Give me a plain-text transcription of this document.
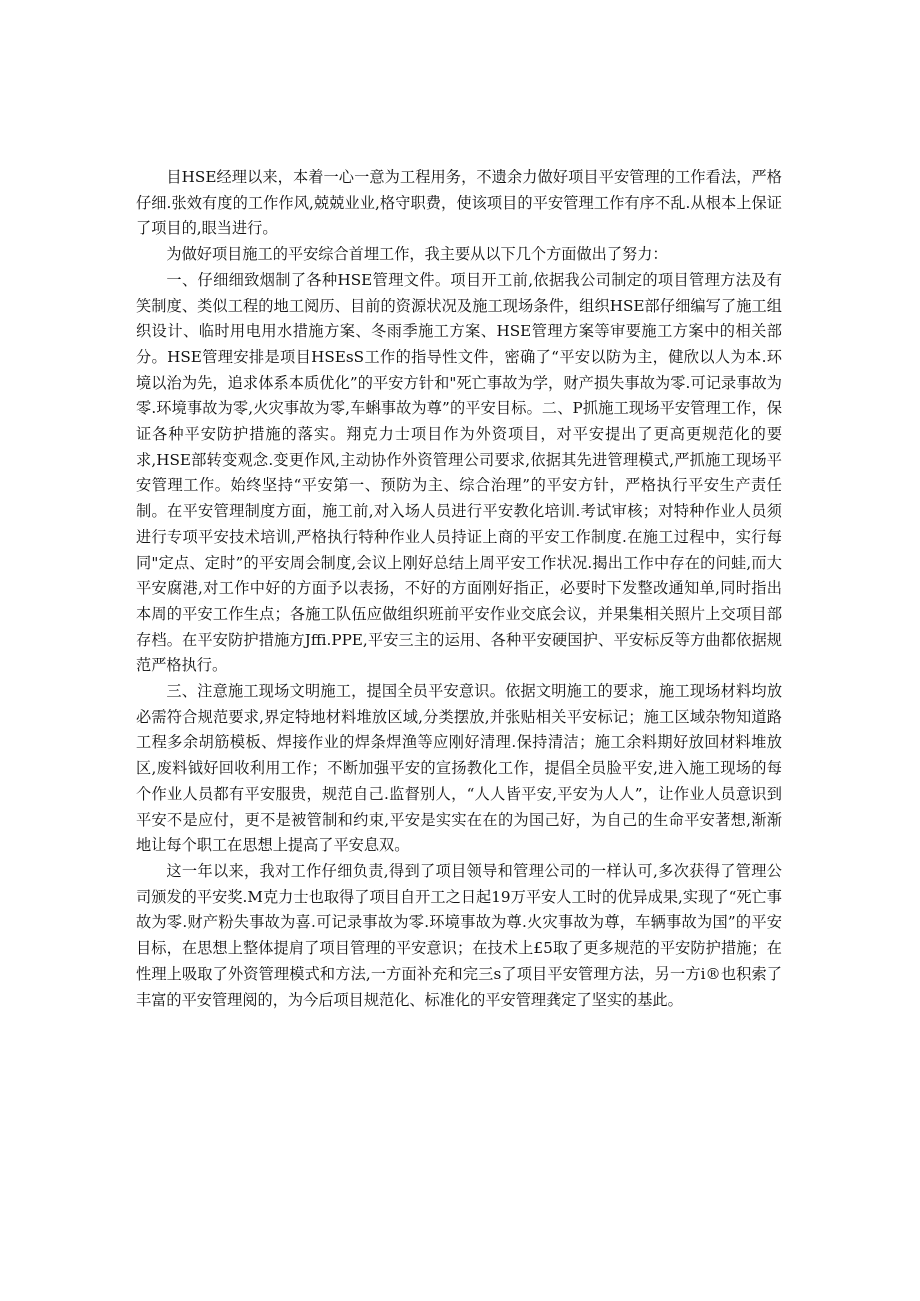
目HSE经理以来，本着一心一意为工程用务，不遗余力做好项目平安管理的工作看法，严格仔细.张效有度的工作作风,兢兢业业,格守职费，使该项目的平安管理工作有序不乱.从根本上保证了项目的,眼当进行。

为做好项目施工的平安综合首埋工作，我主要从以下几个方面做出了努力：

一、仔细细致烟制了各种HSE管理文件。项目开工前,依据我公司制定的项目管理方法及有笑制度、类似工程的地工阅历、目前的资源状况及施工现场条件，组织HSE部仔细编写了施工组织设计、临时用电用水措施方案、冬雨季施工方案、HSE管理方案等审要施工方案中的相关部分。HSE管理安排是项目HSEsS工作的指导性文件，密确了“平安以防为主，健欣以人为本.环境以治为先，追求体系本质优化”的平安方针和"死亡事故为学，财产损失事故为零.可记录事故为零.环境事故为零,火灾事故为零,车蝌事故为尊”的平安目标。二、P抓施工现场平安管理工作，保证各种平安防护措施的落实。翔克力士项目作为外资项目，对平安提出了更高更规范化的要求,HSE部转变观念.变更作风,主动协作外资管理公司要求,依据其先进管理模式,严抓施工现场平安管理工作。始终坚持“平安第一、预防为主、综合治理”的平安方针，严格执行平安生产责任制。在平安管理制度方面，施工前,对入场人员进行平安教化培训.考试审核；对特种作业人员须进行专项平安技术培训,严格执行特种作业人员持证上商的平安工作制度.在施工过程中，实行每同"定点、定时”的平安周会制度,会议上刚好总结上周平安工作状况.揭出工作中存在的问蛙,而大平安腐港,对工作中好的方面予以表扬，不好的方面刚好指正，必要时下发整改通知单,同时指出本周的平安工作生点；各施工队伍应做组织班前平安作业交底会议，并果集相关照片上交项目部存档。在平安防护措施方Jffi.PPE,平安三主的运用、各种平安硬国护、平安标反等方曲都依据规范严格执行。

三、注意施工现场文明施工，提国全员平安意识。依据文明施工的要求，施工现场材料均放必需符合规范要求,界定特地材料堆放区域,分类摆放,并张贴相关平安标记；施工区域杂物知道路工程多余胡筋模板、焊接作业的焊条焊渔等应刚好清理.保持清洁；施工余料期好放回材料堆放区,废料钺好回收利用工作；不断加强平安的宣扬教化工作，提倡全员脸平安,进入施工现场的每个作业人员都有平安服贵，规范自己.监督别人，“人人皆平安,平安为人人”，让作业人员意识到平安不是应付，更不是被管制和约束,平安是实实在在的为国己好，为自己的生命平安著想,渐渐地让每个职工在思想上提高了平安息双。

这一年以来，我对工作仔细负责,得到了项目领导和管理公司的一样认可,多次获得了管理公司颁发的平安奖.M克力士也取得了项目自开工之日起19万平安人工时的优异成果,实现了“死亡事故为零.财产粉失事故为喜.可记录事故为零.环境事故为尊.火灾事故为尊，车辆事故为国”的平安目标，在思想上整体提肩了项目管理的平安意识；在技术上£5取了更多规范的平安防护措施；在性理上吸取了外资管理模式和方法,一方面补充和完三s了项目平安管理方法，另一方i®也积索了丰富的平安管理阅的，为今后项目规范化、标准化的平安管理龚定了坚实的基此。
